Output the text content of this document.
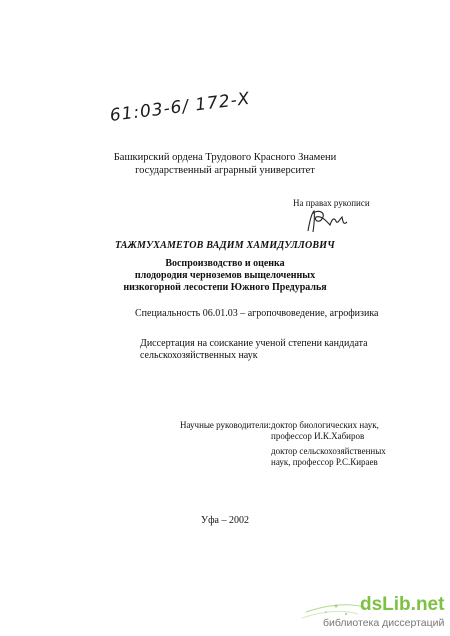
61:03-6/ 172-Х
Башкирский ордена Трудового Красного Знамени
государственный аграрный университет
На правах рукописи
ТАЖМУХАМЕТОВ ВАДИМ ХАМИДУЛЛОВИЧ
Воспроизводство и оценка
плодородия черноземов выщелоченных
низкогорной лесостепи Южного Предуралья
Специальность 06.01.03 – агропочвоведение, агрофизика
Диссертация на соискание ученой степени кандидата
сельскохозяйственных наук
Научные руководители: доктор биологических наук,
профессор И.К.Хабиров
доктор сельскохозяйственных
наук, профессор Р.С.Кираев
Уфа – 2002
dsLib.net
библиотека диссертаций
